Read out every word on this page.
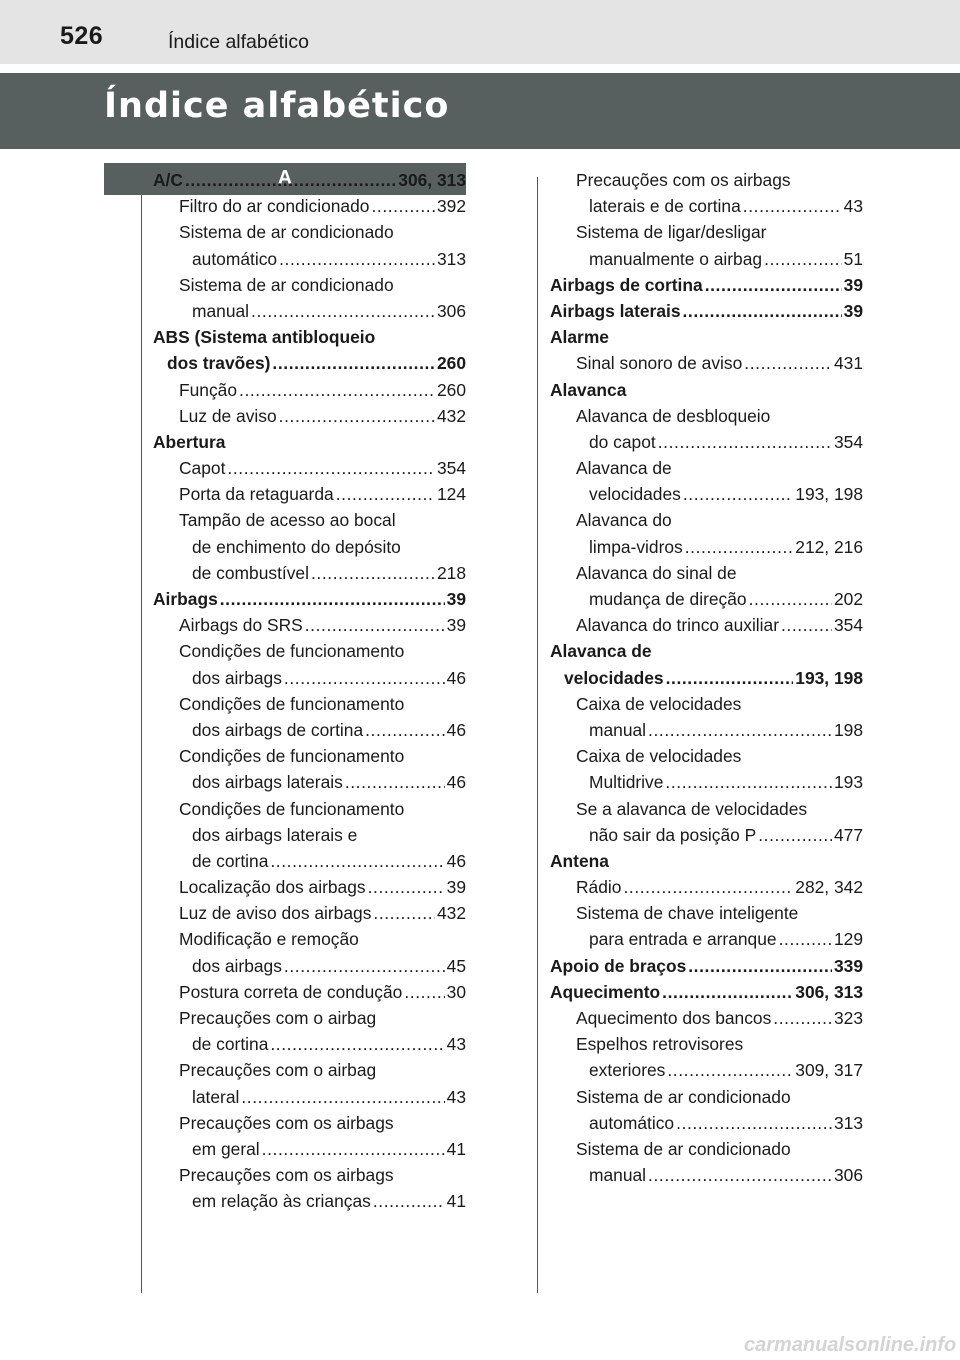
526	Índice alfabético
Índice alfabético
A
A/C .....	306, 313
Filtro do ar condicionado .....	392
Sistema de ar condicionado
automático .....	313
Sistema de ar condicionado
manual .....	306
ABS (Sistema antibloqueio
dos travões) .....	260
Função .....	260
Luz de aviso .....	432
Abertura
Capot .....	354
Porta da retaguarda .....	124
Tampão de acesso ao bocal
de enchimento do depósito
de combustível .....	218
Airbags .....	39
Airbags do SRS .....	39
Condições de funcionamento
dos airbags .....	46
Condições de funcionamento
dos airbags de cortina .....	46
Condições de funcionamento
dos airbags laterais .....	46
Condições de funcionamento
dos airbags laterais e
de cortina .....	46
Localização dos airbags .....	39
Luz de aviso dos airbags .....	432
Modificação e remoção
dos airbags .....	45
Postura correta de condução .....	30
Precauções com o airbag
de cortina .....	43
Precauções com o airbag
lateral .....	43
Precauções com os airbags
em geral .....	41
Precauções com os airbags
em relação às crianças .....	41
Precauções com os airbags
laterais e de cortina .....	43
Sistema de ligar/desligar
manualmente o airbag .....	51
Airbags de cortina .....	39
Airbags laterais .....	39
Alarme
Sinal sonoro de aviso .....	431
Alavanca
Alavanca de desbloqueio
do capot .....	354
Alavanca de
velocidades .....	193, 198
Alavanca do
limpa-vidros .....	212, 216
Alavanca do sinal de
mudança de direção .....	202
Alavanca do trinco auxiliar .....	354
Alavanca de
velocidades .....	193, 198
Caixa de velocidades
manual .....	198
Caixa de velocidades
Multidrive .....	193
Se a alavanca de velocidades
não sair da posição P .....	477
Antena
Rádio .....	282, 342
Sistema de chave inteligente
para entrada e arranque .....	129
Apoio de braços .....	339
Aquecimento .....	306, 313
Aquecimento dos bancos .....	323
Espelhos retrovisores
exteriores .....	309, 317
Sistema de ar condicionado
automático .....	313
Sistema de ar condicionado
manual .....	306
carmanualsonline.info
